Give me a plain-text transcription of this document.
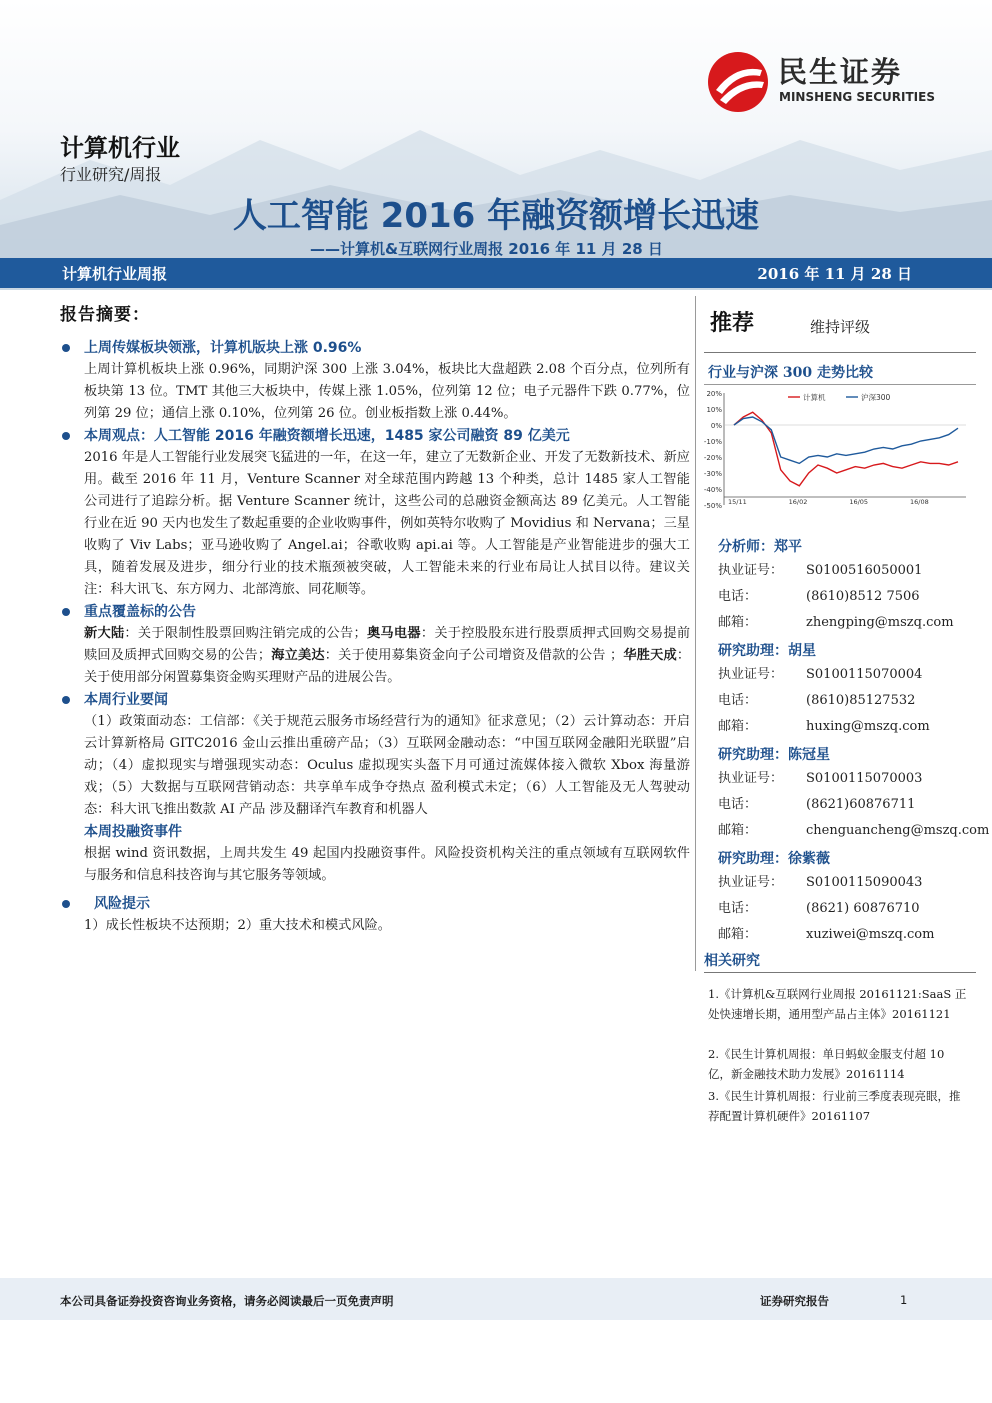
民生证券
MINSHENG SECURITIES
计算机行业
行业研究/周报
人工智能 2016 年融资额增长迅速
——计算机&互联网行业周报 2016 年 11 月 28 日
计算机行业周报	2016 年 11 月 28 日
报告摘要：
上周传媒板块领涨，计算机版块上涨 0.96%
上周计算机板块上涨 0.96%，同期沪深 300 上涨 3.04%，板块比大盘超跌 2.08 个百分点，位列所有板块第 13 位。TMT 其他三大板块中，传媒上涨 1.05%，位列第 12 位；电子元器件下跌 0.77%，位列第 29 位；通信上涨 0.10%，位列第 26 位。创业板指数上涨 0.44%。
本周观点：人工智能 2016 年融资额增长迅速，1485 家公司融资 89 亿美元
2016 年是人工智能行业发展突飞猛进的一年，在这一年，建立了无数新企业、开发了无数新技术、新应用。截至 2016 年 11 月，Venture Scanner 对全球范围内跨越 13 个种类，总计 1485 家人工智能公司进行了追踪分析。据 Venture Scanner 统计，这些公司的总融资金额高达 89 亿美元。人工智能行业在近 90 天内也发生了数起重要的企业收购事件，例如英特尔收购了 Movidius 和 Nervana；三星收购了 Viv Labs；亚马逊收购了 Angel.ai；谷歌收购 api.ai 等。人工智能是产业智能进步的强大工具，随着发展及进步，细分行业的技术瓶颈被突破，人工智能未来的行业布局让人拭目以待。建议关注：科大讯飞、东方网力、北部湾旅、同花顺等。
重点覆盖标的公告
新大陆：关于限制性股票回购注销完成的公告；奥马电器：关于控股股东进行股票质押式回购交易提前赎回及质押式回购交易的公告；海立美达：关于使用募集资金向子公司增资及借款的公告 ；华胜天成：关于使用部分闲置募集资金购买理财产品的进展公告。
本周行业要闻
（1）政策面动态：工信部：《关于规范云服务市场经营行为的通知》征求意见；（2）云计算动态：开启云计算新格局 GITC2016 金山云推出重磅产品；（3）互联网金融动态：“中国互联网金融阳光联盟”启动；（4）虚拟现实与增强现实动态：Oculus 虚拟现实头盔下月可通过流媒体接入微软 Xbox 海量游戏；（5）大数据与互联网营销动态：共享单车成争夺热点 盈利模式未定；（6）人工智能及无人驾驶动态：科大讯飞推出数款 AI 产品 涉及翻译汽车教育和机器人
本周投融资事件
根据 wind 资讯数据，上周共发生 49 起国内投融资事件。风险投资机构关注的重点领域有互联网软件与服务和信息科技咨询与其它服务等领域。
风险提示
1）成长性板块不达预期；2）重大技术和模式风险。
推荐	维持评级
行业与沪深 300 走势比较
20%
10%
0%
-10%
-20%
-30%
-40%
-50% 15/11	16/02	16/05	16/08
计算机	沪深300
分析师：郑平
执业证号： S0100516050001
电话：	(8610)8512 7506
邮箱：	zhengping@mszq.com
研究助理：胡星
执业证号： S0100115070004
电话：	(8610)85127532
邮箱：	huxing@mszq.com
研究助理：陈冠星
执业证号： S0100115070003
电话：	(8621)60876711
邮箱：	chenguancheng@mszq.com
研究助理：徐紫薇
执业证号： S0100115090043
电话：	(8621) 60876710
邮箱：	xuziwei@mszq.com
相关研究
1.《计算机&互联网行业周报 20161121:SaaS 正处快速增长期，通用型产品占主体》20161121
2.《民生计算机周报：单日蚂蚁金服支付超 10 亿，新金融技术助力发展》20161114
3.《民生计算机周报：行业前三季度表现亮眼，推荐配置计算机硬件》20161107
本公司具备证券投资咨询业务资格，请务必阅读最后一页免责声明	证券研究报告	1
